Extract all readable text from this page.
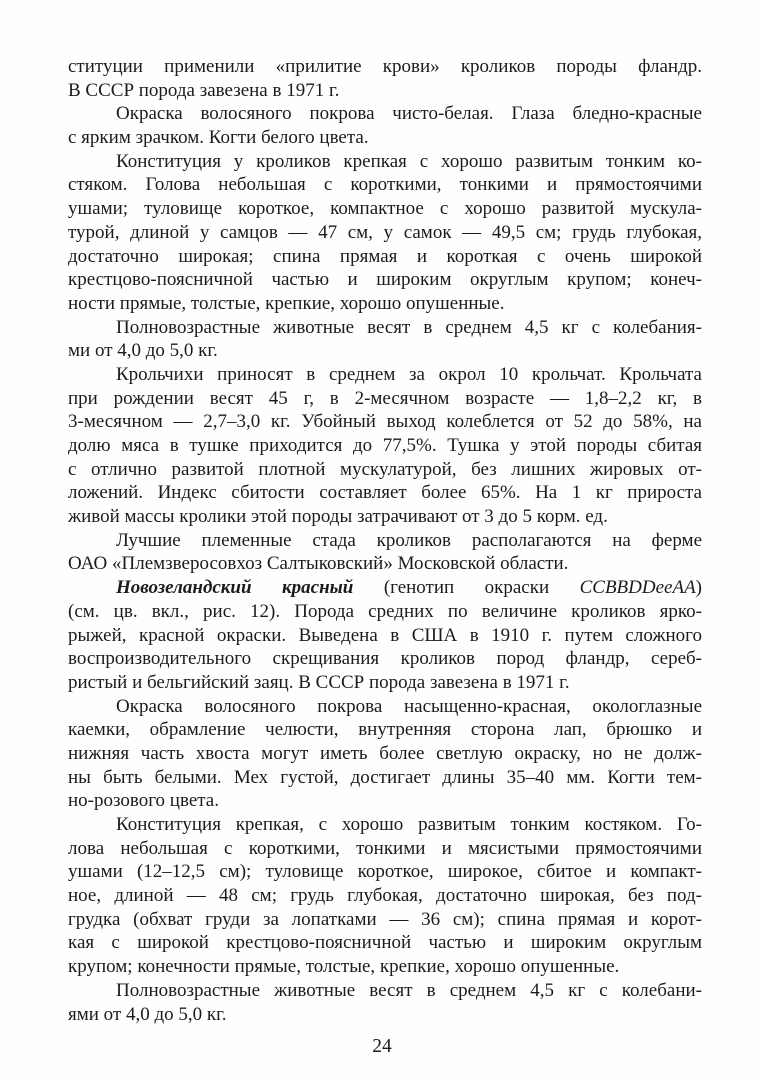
ституции применили «прилитие крови» кроликов породы фландр.
В СССР порода завезена в 1971 г.
Окраска волосяного покрова чисто-белая. Глаза бледно-красные
с ярким зрачком. Когти белого цвета.
Конституция у кроликов крепкая с хорошо развитым тонким ко-
стяком. Голова небольшая с короткими, тонкими и прямостоячими
ушами; туловище короткое, компактное с хорошо развитой мускула-
турой, длиной у самцов — 47 см, у самок — 49,5 см; грудь глубокая,
достаточно широкая; спина прямая и короткая с очень широкой
крестцово-поясничной частью и широким округлым крупом; конеч-
ности прямые, толстые, крепкие, хорошо опушенные.
Полновозрастные животные весят в среднем 4,5 кг с колебания-
ми от 4,0 до 5,0 кг.
Крольчихи приносят в среднем за окрол 10 крольчат. Крольчата
при рождении весят 45 г, в 2-месячном возрасте — 1,8–2,2 кг, в
3-месячном — 2,7–3,0 кг. Убойный выход колеблется от 52 до 58%, на
долю мяса в тушке приходится до 77,5%. Тушка у этой породы сбитая
с отлично развитой плотной мускулатурой, без лишних жировых от-
ложений. Индекс сбитости составляет более 65%. На 1 кг прироста
живой массы кролики этой породы затрачивают от 3 до 5 корм. ед.
Лучшие племенные стада кроликов располагаются на ферме
ОАО «Племзверосовхоз Салтыковский» Московской области.
Новозеландский красный (генотип окраски CCBBDDeeAA)
(см. цв. вкл., рис. 12). Порода средних по величине кроликов ярко-
рыжей, красной окраски. Выведена в США в 1910 г. путем сложного
воспроизводительного скрещивания кроликов пород фландр, сереб-
ристый и бельгийский заяц. В СССР порода завезена в 1971 г.
Окраска волосяного покрова насыщенно-красная, окологлазные
каемки, обрамление челюсти, внутренняя сторона лап, брюшко и
нижняя часть хвоста могут иметь более светлую окраску, но не долж-
ны быть белыми. Мех густой, достигает длины 35–40 мм. Когти тем-
но-розового цвета.
Конституция крепкая, с хорошо развитым тонким костяком. Го-
лова небольшая с короткими, тонкими и мясистыми прямостоячими
ушами (12–12,5 см); туловище короткое, широкое, сбитое и компакт-
ное, длиной — 48 см; грудь глубокая, достаточно широкая, без под-
грудка (обхват груди за лопатками — 36 см); спина прямая и корот-
кая с широкой крестцово-поясничной частью и широким округлым
крупом; конечности прямые, толстые, крепкие, хорошо опушенные.
Полновозрастные животные весят в среднем 4,5 кг с колебани-
ями от 4,0 до 5,0 кг.
24
